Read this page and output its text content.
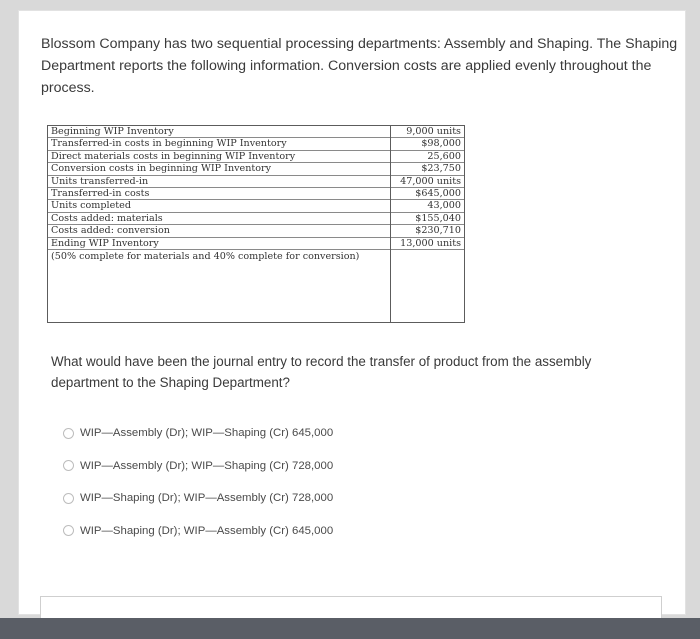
Blossom Company has two sequential processing departments: Assembly and Shaping. The Shaping Department reports the following information. Conversion costs are applied evenly throughout the process.
Beginning WIP Inventory
Transferred-in costs in beginning WIP Inventory
Direct materials costs in beginning WIP Inventory
Conversion costs in beginning WIP Inventory
Units transferred-in
Transferred-in costs
Units completed
Costs added: materials
Costs added: conversion
Ending WIP Inventory
(50% complete for materials and 40% complete for conversion)
9,000 units
$98,000
25,600
$23,750
47,000 units
$645,000
43,000
$155,040
$230,710
13,000 units
What would have been the journal entry to record the transfer of product from the assembly department to the Shaping Department?
WIP—Assembly (Dr); WIP—Shaping (Cr) 645,000
WIP—Assembly (Dr); WIP—Shaping (Cr) 728,000
WIP—Shaping (Dr); WIP—Assembly (Cr) 728,000
WIP—Shaping (Dr); WIP—Assembly (Cr) 645,000
